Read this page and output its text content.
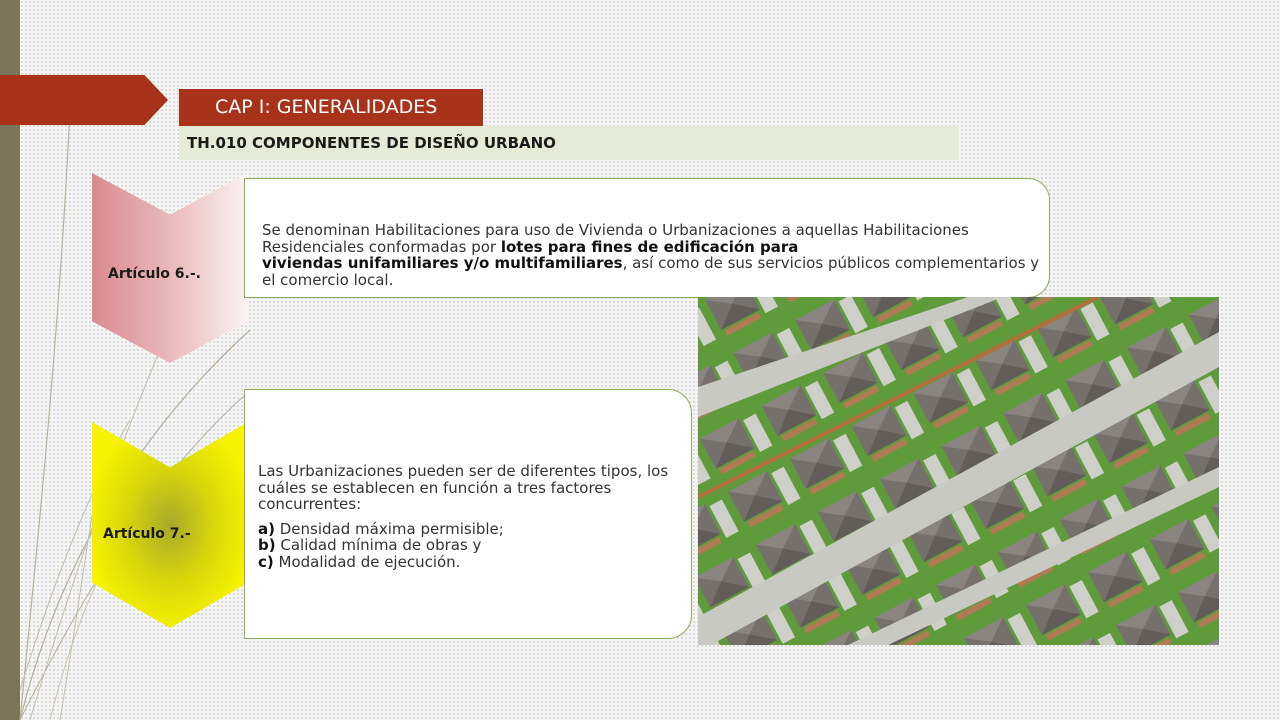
CAP I: GENERALIDADES
TH.010 COMPONENTES DE DISEÑO URBANO
Artículo 6.-.
Se denominan Habilitaciones para uso de Vivienda o Urbanizaciones a aquellas Habilitaciones Residenciales conformadas por lotes para fines de edificación para
viviendas unifamiliares y/o multifamiliares, así como de sus servicios públicos complementarios y el comercio local.
Artículo 7.-
Las Urbanizaciones pueden ser de diferentes tipos, los cuáles se establecen en función a tres factores concurrentes:
a) Densidad máxima permisible;
b) Calidad mínima de obras y
c) Modalidad de ejecución.
